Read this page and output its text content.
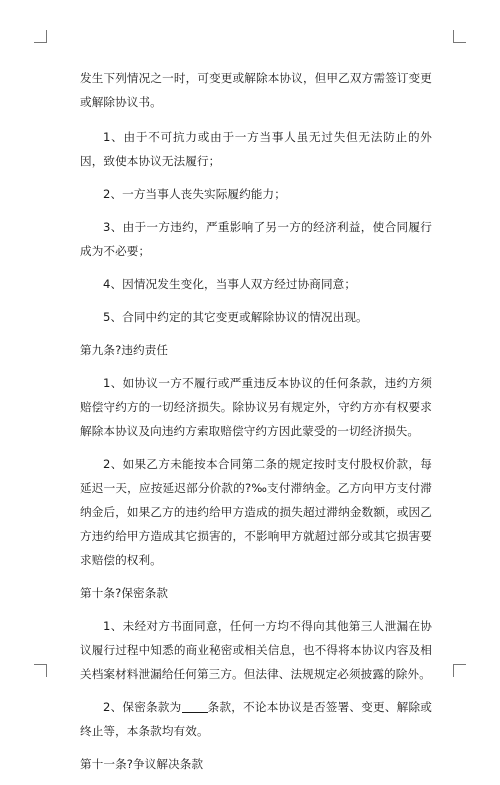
发生下列情况之一时，可变更或解除本协议，但甲乙双方需签订变更或解除协议书。

1、由于不可抗力或由于一方当事人虽无过失但无法防止的外因，致使本协议无法履行；

2、一方当事人丧失实际履约能力；

3、由于一方违约，严重影响了另一方的经济利益，使合同履行成为不必要；

4、因情况发生变化，当事人双方经过协商同意；

5、合同中约定的其它变更或解除协议的情况出现。

第九条?违约责任

1、如协议一方不履行或严重违反本协议的任何条款，违约方须赔偿守约方的一切经济损失。除协议另有规定外，守约方亦有权要求解除本协议及向违约方索取赔偿守约方因此蒙受的一切经济损失。

2、如果乙方未能按本合同第二条的规定按时支付股权价款，每延迟一天，应按延迟部分价款的?‰支付滞纳金。乙方向甲方支付滞纳金后，如果乙方的违约给甲方造成的损失超过滞纳金数额，或因乙方违约给甲方造成其它损害的，不影响甲方就超过部分或其它损害要求赔偿的权利。

第十条?保密条款

1、未经对方书面同意，任何一方均不得向其他第三人泄漏在协议履行过程中知悉的商业秘密或相关信息，也不得将本协议内容及相关档案材料泄漏给任何第三方。但法律、法规规定必须披露的除外。

2、保密条款为 条款，不论本协议是否签署、变更、解除或终止等，本条款均有效。

第十一条?争议解决条款
